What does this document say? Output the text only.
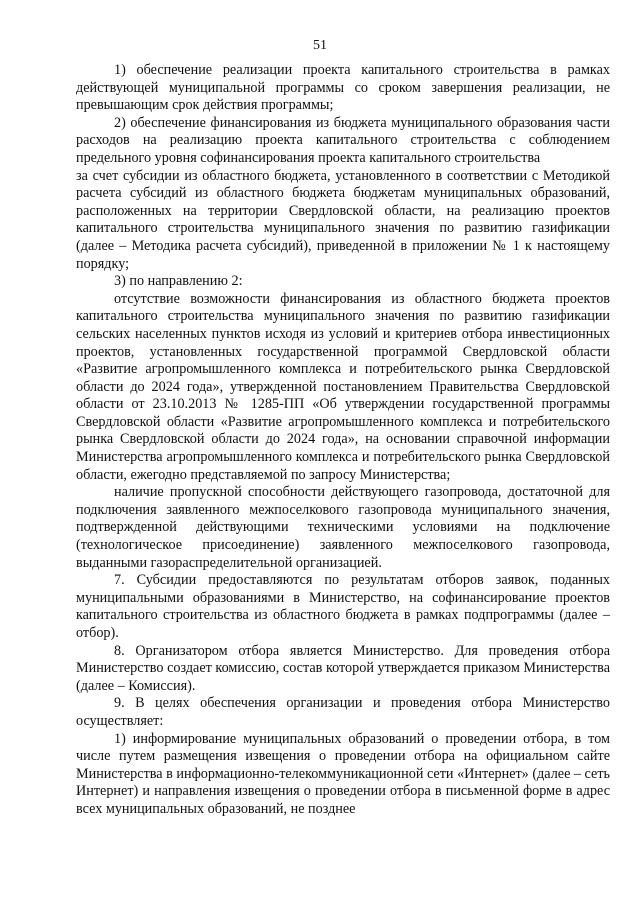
51

1) обеспечение реализации проекта капитального строительства в рамках действующей муниципальной программы со сроком завершения реализации, не превышающим срок действия программы;

2) обеспечение финансирования из бюджета муниципального образования части расходов на реализацию проекта капитального строительства с соблюдением предельного уровня софинансирования проекта капитального строительства

за счет субсидии из областного бюджета, установленного в соответствии с Методикой расчета субсидий из областного бюджета бюджетам муниципальных образований, расположенных на территории Свердловской области, на реализацию проектов капитального строительства муниципального значения по развитию газификации (далее – Методика расчета субсидий), приведенной в приложении № 1 к настоящему порядку;

3) по направлению 2:

отсутствие возможности финансирования из областного бюджета проектов капитального строительства муниципального значения по развитию газификации сельских населенных пунктов исходя из условий и критериев отбора инвестиционных проектов, установленных государственной программой Свердловской области «Развитие агропромышленного комплекса и потребительского рынка Свердловской области до 2024 года», утвержденной постановлением Правительства Свердловской области от 23.10.2013 № 1285-ПП «Об утверждении государственной программы Свердловской области «Развитие агропромышленного комплекса и потребительского рынка Свердловской области до 2024 года», на основании справочной информации Министерства агропромышленного комплекса и потребительского рынка Свердловской области, ежегодно представляемой по запросу Министерства;

наличие пропускной способности действующего газопровода, достаточной для подключения заявленного межпоселкового газопровода муниципального значения, подтвержденной действующими техническими условиями на подключение (технологическое присоединение) заявленного межпоселкового газопровода, выданными газораспределительной организацией.

7. Субсидии предоставляются по результатам отборов заявок, поданных муниципальными образованиями в Министерство, на софинансирование проектов капитального строительства из областного бюджета в рамках подпрограммы (далее – отбор).

8. Организатором отбора является Министерство. Для проведения отбора Министерство создает комиссию, состав которой утверждается приказом Министерства (далее – Комиссия).

9. В целях обеспечения организации и проведения отбора Министерство осуществляет:

1) информирование муниципальных образований о проведении отбора, в том числе путем размещения извещения о проведении отбора на официальном сайте Министерства в информационно-телекоммуникационной сети «Интернет» (далее – сеть Интернет) и направления извещения о проведении отбора в письменной форме в адрес всех муниципальных образований, не позднее
